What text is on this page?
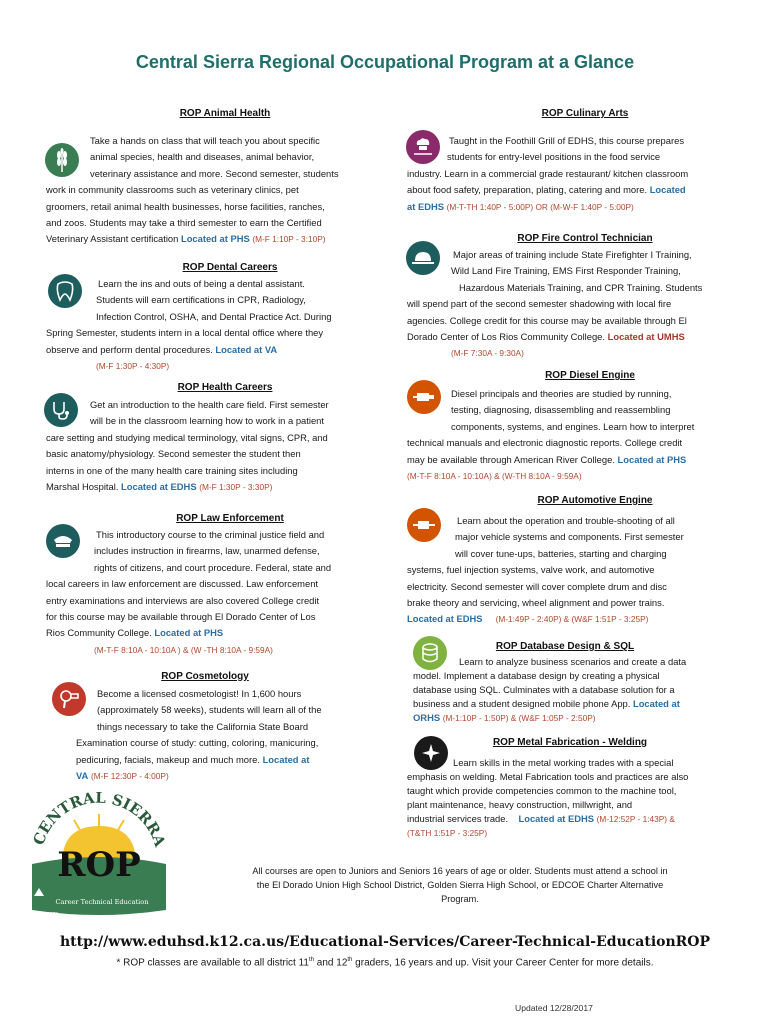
Central Sierra Regional Occupational Program at a Glance
ROP Animal Health
Take a hands on class that will teach you about specific
animal species, health and diseases, animal behavior,
veterinary assistance and more. Second semester, students
work in community classrooms such as veterinary clinics, pet
groomers, retail animal health businesses, horse facilities, ranches,
and zoos. Students may take a third semester to earn the Certified
Veterinary Assistant certification Located at PHS (M-F 1:10P - 3:10P)
ROP Dental Careers
Learn the ins and outs of being a dental assistant.
Students will earn certifications in CPR, Radiology,
Infection Control, OSHA, and Dental Practice Act. During
Spring Semester, students intern in a local dental office where they
observe and perform dental procedures. Located at VA
(M-F 1:30P - 4:30P)
ROP Health Careers
Get an introduction to the health care field. First semester
will be in the classroom learning how to work in a patient
care setting and studying medical terminology, vital signs, CPR, and
basic anatomy/physiology. Second semester the student then
interns in one of the many health care training sites including
Marshal Hospital. Located at EDHS (M-F 1:30P - 3:30P)
ROP Law Enforcement
This introductory course to the criminal justice field and
includes instruction in firearms, law, unarmed defense,
rights of citizens, and court procedure. Federal, state and
local careers in law enforcement are discussed. Law enforcement
entry examinations and interviews are also covered College credit
for this course may be available through El Dorado Center of Los
Rios Community College. Located at PHS
(M-T-F 8:10A - 10:10A ) & (W -TH 8:10A - 9:59A)
ROP Cosmetology
Become a licensed cosmetologist! In 1,600 hours
(approximately 58 weeks), students will learn all of the
things necessary to take the California State Board
Examination course of study: cutting, coloring, manicuring,
pedicuring, facials, makeup and much more. Located at
VA (M-F 12:30P - 4:00P)
ROP Culinary Arts
Taught in the Foothill Grill of EDHS, this course prepares
students for entry-level positions in the food service
industry. Learn in a commercial grade restaurant/ kitchen classroom
about food safety, preparation, plating, catering and more. Located
at EDHS (M-T-TH 1:40P - 5:00P) OR (M-W-F 1:40P - 5:00P)
ROP Fire Control Technician
Major areas of training include State Firefighter I Training,
Wild Land Fire Training, EMS First Responder Training,
Hazardous Materials Training, and CPR Training. Students
will spend part of the second semester shadowing with local fire
agencies. College credit for this course may be available through El
Dorado Center of Los Rios Community College. Located at UMHS
(M-F 7:30A - 9:30A)
ROP Diesel Engine
Diesel principals and theories are studied by running,
testing, diagnosing, disassembling and reassembling
components, systems, and engines. Learn how to interpret
technical manuals and electronic diagnostic reports. College credit
may be available through American River College. Located at PHS
(M-T-F 8:10A - 10:10A) & (W-TH 8:10A - 9:59A)
ROP Automotive Engine
Learn about the operation and trouble-shooting of all
major vehicle systems and components. First semester
will cover tune-ups, batteries, starting and charging
systems, fuel injection systems, valve work, and automotive
electricity. Second semester will cover complete drum and disc
brake theory and servicing, wheel alignment and power trains.
Located at EDHS (M-1:49P - 2:40P) & (W&F 1:51P - 3:25P)
ROP Database Design & SQL
Learn to analyze business scenarios and create a data
model. Implement a database design by creating a physical
database using SQL. Culminates with a database solution for a
business and a student designed mobile phone App. Located at
ORHS (M-1:10P - 1:50P) & (W&F 1:05P - 2:50P)
ROP Metal Fabrication - Welding
Learn skills in the metal working trades with a special
emphasis on welding. Metal Fabrication tools and practices are also
taught which provide competencies common to the machine tool,
plant maintenance, heavy construction, millwright, and
industrial services trade. Located at EDHS (M-12:52P - 1:43P) &
(T&TH 1:51P - 3:25P)
CENTRAL SIERRA
ROP
Career Technical Education
EST 1970
All courses are open to Juniors and Seniors 16 years of age or older. Students must attend a school in
the El Dorado Union High School District, Golden Sierra High School, or EDCOE Charter Alternative
Program.
http://www.eduhsd.k12.ca.us/Educational-Services/Career-Technical-EducationROP
* ROP classes are available to all district 11th and 12th graders, 16 years and up. Visit your Career Center for more details.
Updated 12/28/2017
